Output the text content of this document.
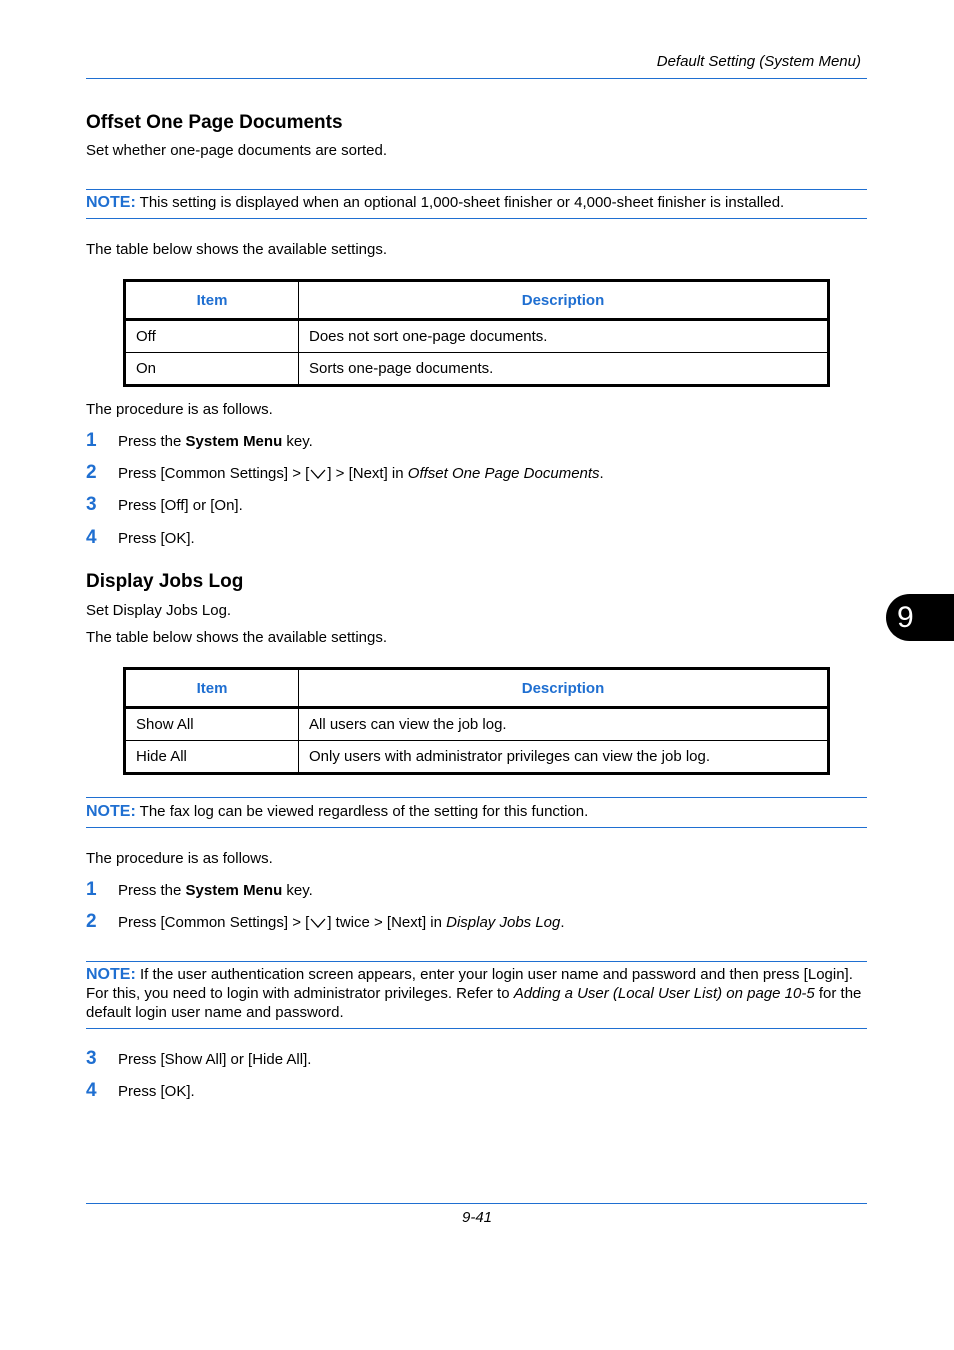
Default Setting (System Menu)
Offset One Page Documents

Set whether one-page documents are sorted.

NOTE: This setting is displayed when an optional 1,000-sheet finisher or 4,000-sheet finisher is installed.

The table below shows the available settings.

Item	Description
Off	Does not sort one-page documents.
On	Sorts one-page documents.

The procedure is as follows.

1 Press the System Menu key.
2 Press [Common Settings] > [ ] > [Next] in Offset One Page Documents.
3 Press [Off] or [On].
4 Press [OK].
Display Jobs Log

Set Display Jobs Log.

The table below shows the available settings.

Item	Description
Show All	All users can view the job log.
Hide All	Only users with administrator privileges can view the job log.
NOTE: The fax log can be viewed regardless of the setting for this function.

The procedure is as follows.

1 Press the System Menu key.
2 Press [Common Settings] > [ ] twice > [Next] in Display Jobs Log.
NOTE: If the user authentication screen appears, enter your login user name and password and then press [Login]. For this, you need to login with administrator privileges. Refer to Adding a User (Local User List) on page 10-5 for the default login user name and password.
3 Press [Show All] or [Hide All].
4 Press [OK].
9
9-41
